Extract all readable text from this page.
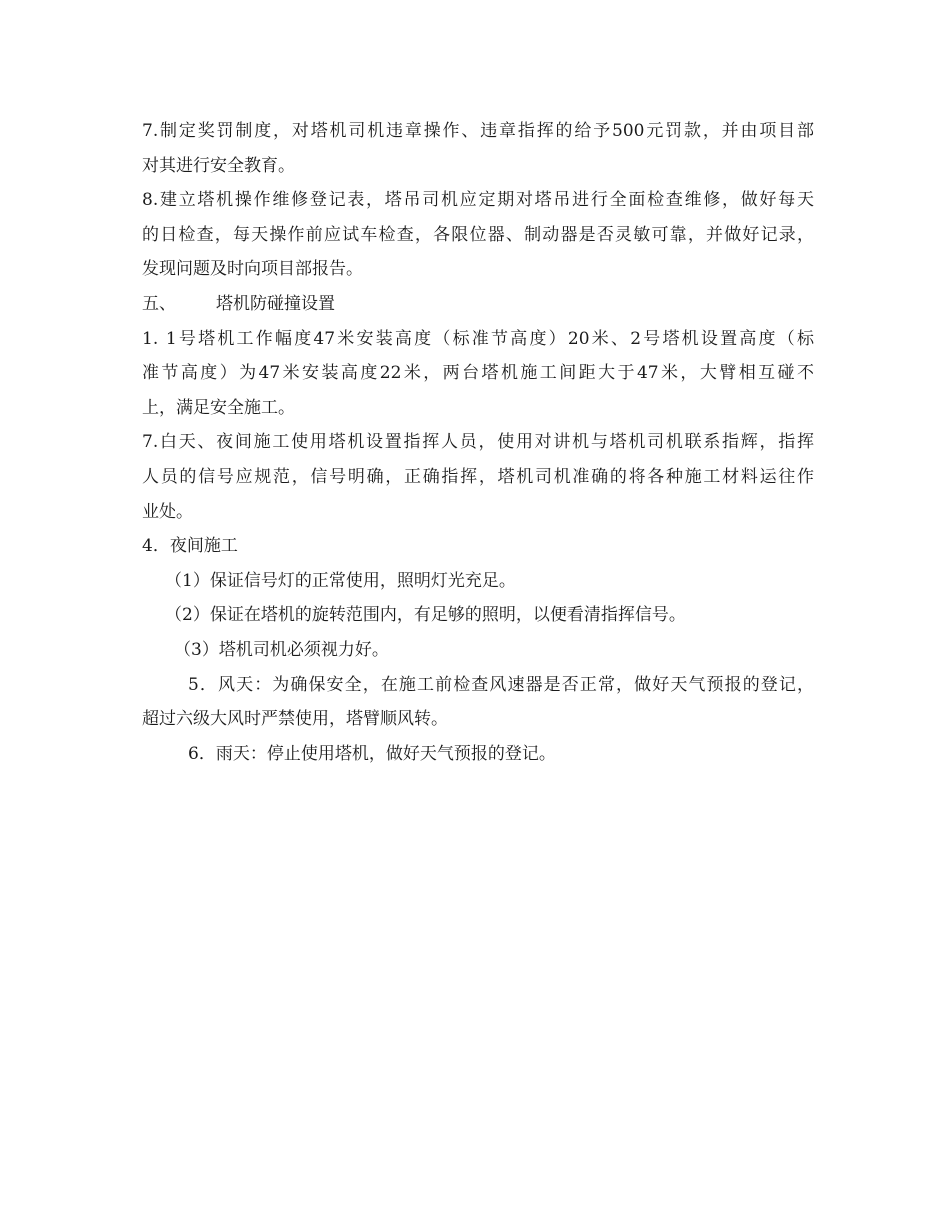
7.制定奖罚制度，对塔机司机违章操作、违章指挥的给予500元罚款，并由项目部
对其进行安全教育。
8.建立塔机操作维修登记表，塔吊司机应定期对塔吊进行全面检查维修，做好每天
的日检查，每天操作前应试车检查，各限位器、制动器是否灵敏可靠，并做好记录，
发现问题及时向项目部报告。
五、 塔机防碰撞设置
1. 1号塔机工作幅度47米安装高度（标准节高度）20米、2号塔机设置高度（标
准节高度）为47米安装高度22米，两台塔机施工间距大于47米，大臂相互碰不
上，满足安全施工。
7.白天、夜间施工使用塔机设置指挥人员，使用对讲机与塔机司机联系指辉，指挥
人员的信号应规范，信号明确，正确指挥，塔机司机准确的将各种施工材料运往作
业处。
4．夜间施工
（1）保证信号灯的正常使用，照明灯光充足。
（2）保证在塔机的旋转范围内，有足够的照明，以便看清指挥信号。
（3）塔机司机必须视力好。
5．风天：为确保安全，在施工前检查风速器是否正常，做好天气预报的登记，
超过六级大风时严禁使用，塔臂顺风转。
6．雨天：停止使用塔机，做好天气预报的登记。
